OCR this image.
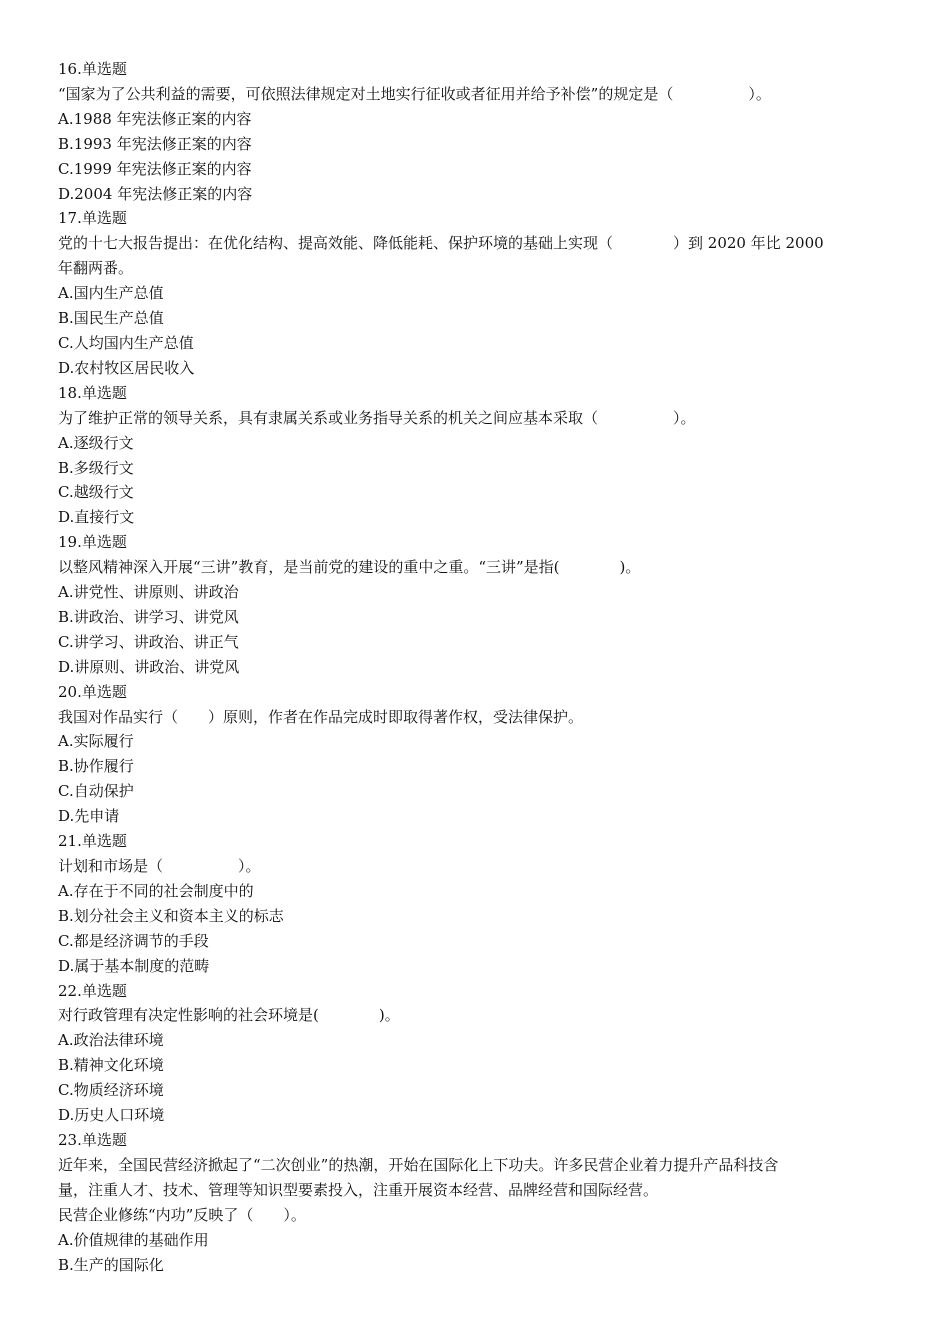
16.单选题
“国家为了公共利益的需要，可依照法律规定对土地实行征收或者征用并给予补偿”的规定是（　　　　　）。
A.1988 年宪法修正案的内容
B.1993 年宪法修正案的内容
C.1999 年宪法修正案的内容
D.2004 年宪法修正案的内容
17.单选题
党的十七大报告提出：在优化结构、提高效能、降低能耗、保护环境的基础上实现（　　　　）到 2020 年比 2000
年翻两番。
A.国内生产总值
B.国民生产总值
C.人均国内生产总值
D.农村牧区居民收入
18.单选题
为了维护正常的领导关系，具有隶属关系或业务指导关系的机关之间应基本采取（　　　　　）。
A.逐级行文
B.多级行文
C.越级行文
D.直接行文
19.单选题
以整风精神深入开展“三讲”教育，是当前党的建设的重中之重。“三讲”是指(　　　　)。
A.讲党性、讲原则、讲政治
B.讲政治、讲学习、讲党风
C.讲学习、讲政治、讲正气
D.讲原则、讲政治、讲党风
20.单选题
我国对作品实行（　　）原则，作者在作品完成时即取得著作权，受法律保护。
A.实际履行
B.协作履行
C.自动保护
D.先申请
21.单选题
计划和市场是（　　　　　）。
A.存在于不同的社会制度中的
B.划分社会主义和资本主义的标志
C.都是经济调节的手段
D.属于基本制度的范畴
22.单选题
对行政管理有决定性影响的社会环境是(　　　　)。
A.政治法律环境
B.精神文化环境
C.物质经济环境
D.历史人口环境
23.单选题
近年来，全国民营经济掀起了“二次创业”的热潮，开始在国际化上下功夫。许多民营企业着力提升产品科技含
量，注重人才、技术、管理等知识型要素投入，注重开展资本经营、品牌经营和国际经营。
民营企业修练“内功”反映了（　　）。
A.价值规律的基础作用
B.生产的国际化
